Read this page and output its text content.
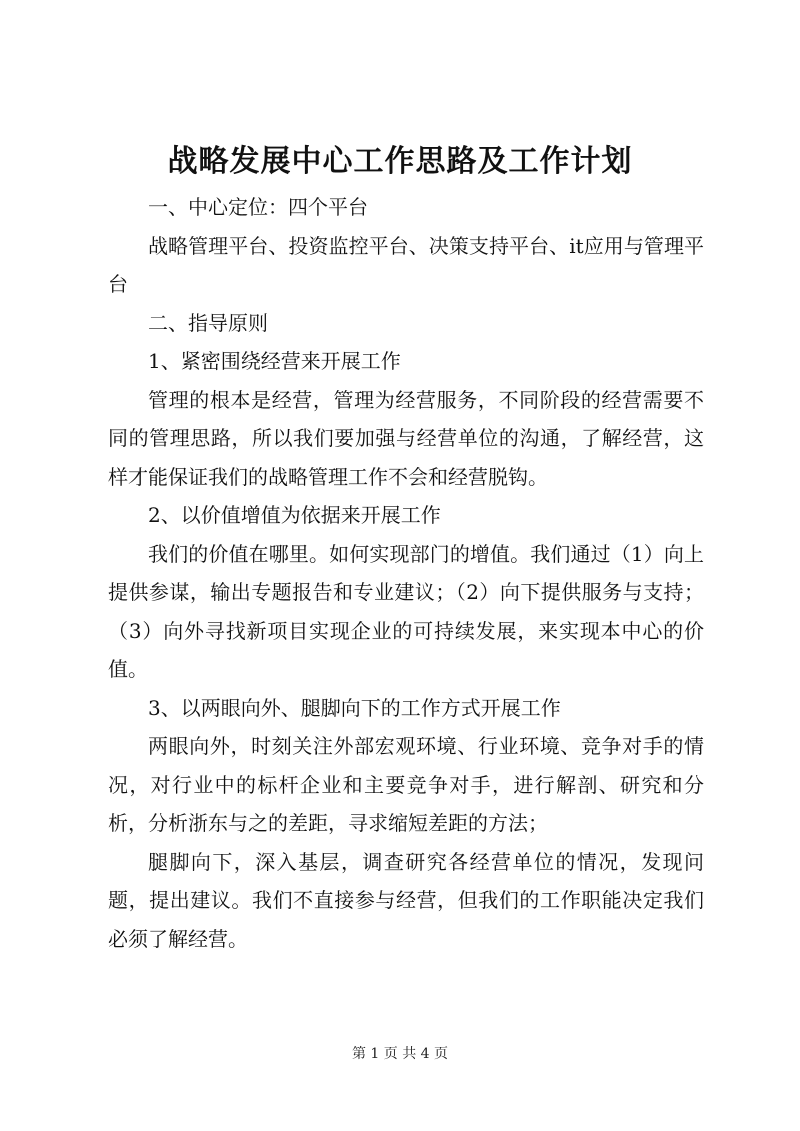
战略发展中心工作思路及工作计划

一、中心定位：四个平台

战略管理平台、投资监控平台、决策支持平台、it应用与管理平台

二、指导原则

1、紧密围绕经营来开展工作

管理的根本是经营，管理为经营服务，不同阶段的经营需要不同的管理思路，所以我们要加强与经营单位的沟通，了解经营，这样才能保证我们的战略管理工作不会和经营脱钩。

2、以价值增值为依据来开展工作

我们的价值在哪里。如何实现部门的增值。我们通过（1）向上提供参谋，输出专题报告和专业建议；（2）向下提供服务与支持；（3）向外寻找新项目实现企业的可持续发展，来实现本中心的价值。

3、以两眼向外、腿脚向下的工作方式开展工作

两眼向外，时刻关注外部宏观环境、行业环境、竞争对手的情况，对行业中的标杆企业和主要竞争对手，进行解剖、研究和分析，分析浙东与之的差距，寻求缩短差距的方法；

腿脚向下，深入基层，调查研究各经营单位的情况，发现问题，提出建议。我们不直接参与经营，但我们的工作职能决定我们必须了解经营。

第 1 页 共 4 页
